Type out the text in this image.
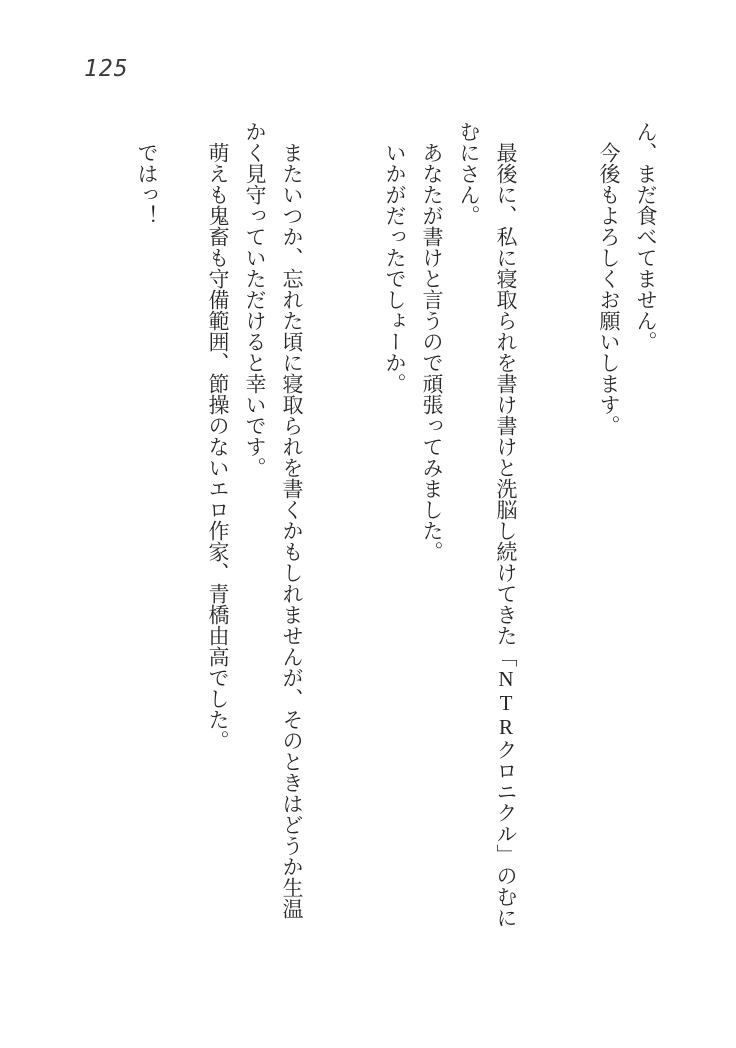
125
ん、まだ食べてません。
今後もよろしくお願いします。
最後に、私に寝取られを書け書けと洗脳し続けてきた「NTRクロニクル」のむに
むにさん。
あなたが書けと言うので頑張ってみました。
いかがだったでしょーか。
またいつか、忘れた頃に寝取られを書くかもしれませんが、そのときはどうか生温
かく見守っていただけると幸いです。
萌えも鬼畜も守備範囲、節操のないエロ作家、青橋由高でした。
ではっ！
